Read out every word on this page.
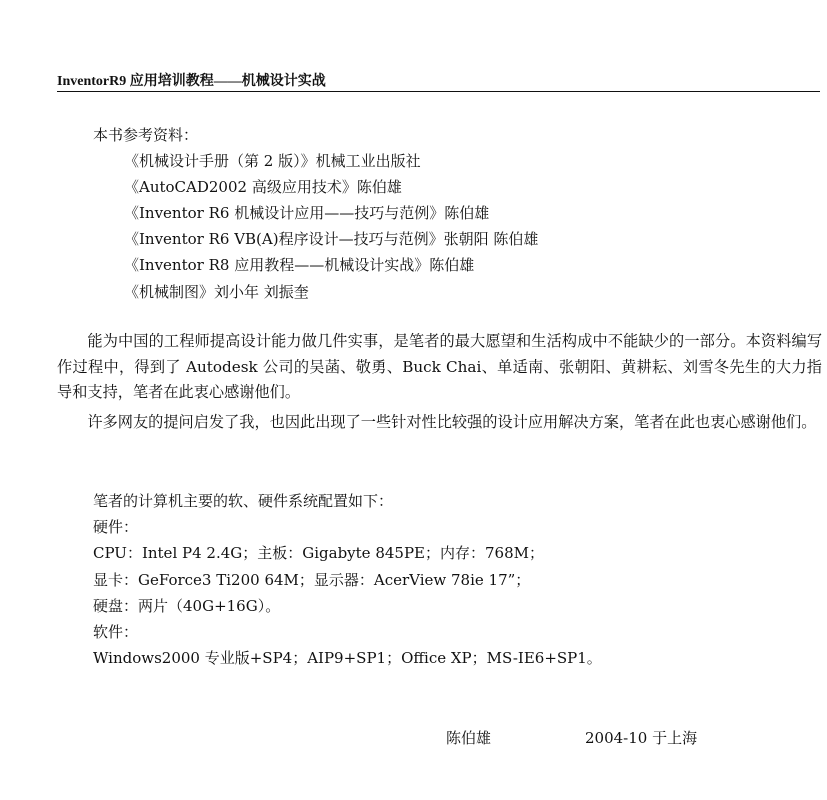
InventorR9 应用培训教程——机械设计实战
本书参考资料：
《机械设计手册（第 2 版）》机械工业出版社
《AutoCAD2002 高级应用技术》陈伯雄
《Inventor R6 机械设计应用——技巧与范例》陈伯雄
《Inventor R6 VB(A)程序设计—技巧与范例》张朝阳 陈伯雄
《Inventor R8 应用教程——机械设计实战》陈伯雄
《机械制图》刘小年 刘振奎
能为中国的工程师提高设计能力做几件实事，是笔者的最大愿望和生活构成中不能缺少的一部分。本资料编写作过程中，得到了 Autodesk 公司的吴菡、敬勇、Buck Chai、单适南、张朝阳、黄耕耘、刘雪冬先生的大力指导和支持，笔者在此衷心感谢他们。
许多网友的提问启发了我，也因此出现了一些针对性比较强的设计应用解决方案，笔者在此也衷心感谢他们。
笔者的计算机主要的软、硬件系统配置如下：
硬件：
CPU：Intel P4 2.4G；主板：Gigabyte 845PE；内存：768M；
显卡：GeForce3 Ti200 64M；显示器：AcerView 78ie 17”；
硬盘：两片（40G+16G）。
软件：
Windows2000 专业版+SP4；AIP9+SP1；Office XP；MS-IE6+SP1。
陈伯雄	2004-10 于上海
